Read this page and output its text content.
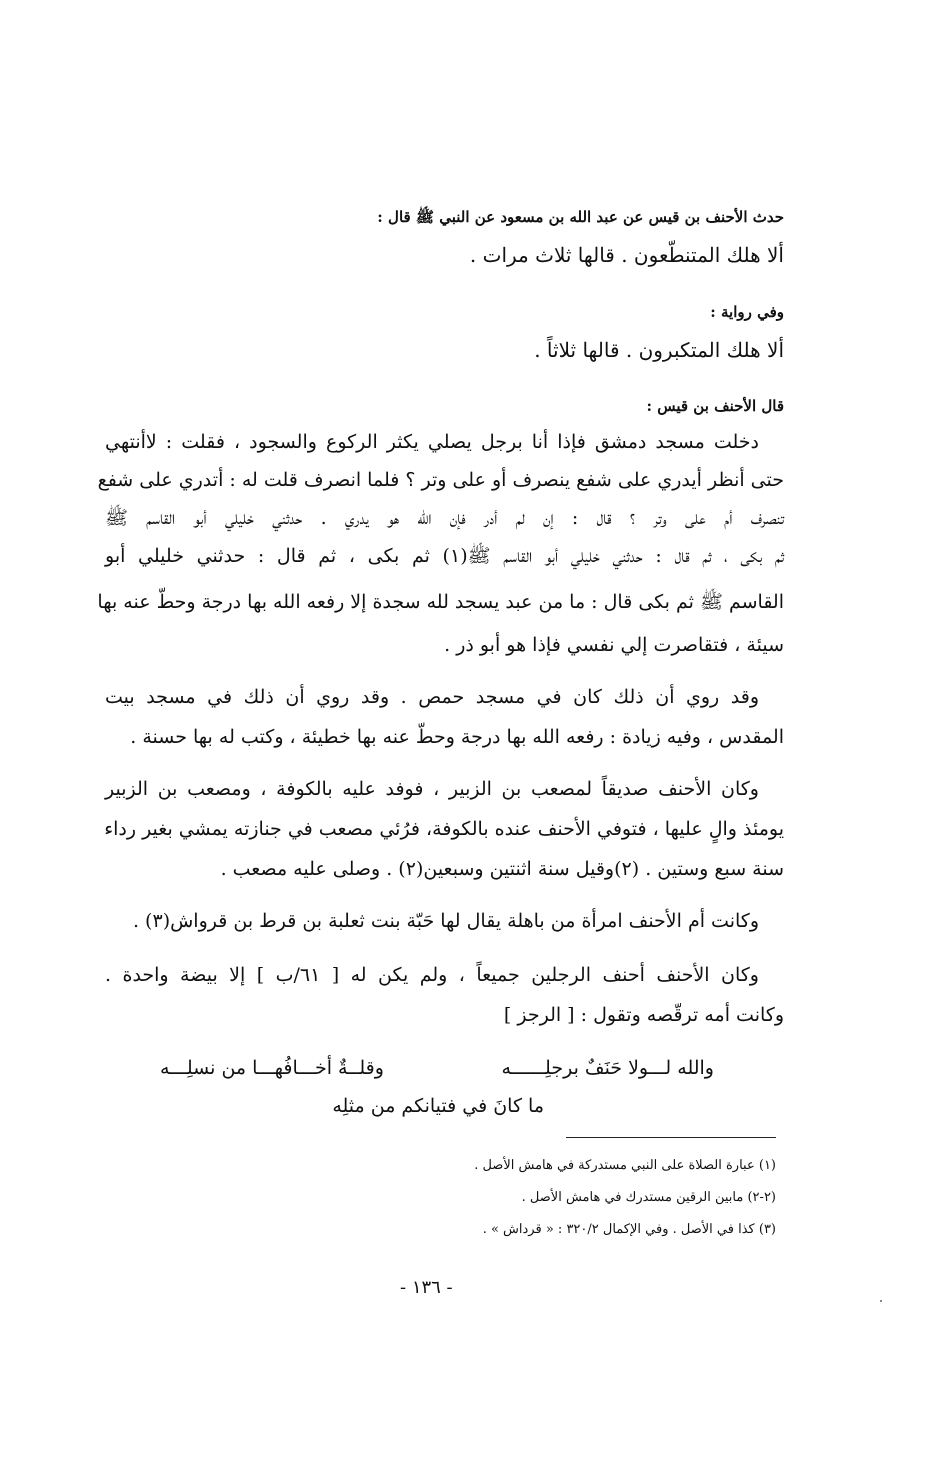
حدث الأحنف بن قيس عن عبد الله بن مسعود عن النبي ﷺ قال :
ألا هلك المتنطّعون . قالها ثلاث مرات .
وفي رواية :
ألا هلك المتكبرون . قالها ثلاثاً .
قال الأحنف بن قيس :
دخلت مسجد دمشق فإذا أنا برجل يصلي يكثر الركوع والسجود ، فقلت : لاأنتهي
حتى أنظر أيدري على شفع ينصرف أو على وتر ؟ فلما انصرف قلت له : أتدري على شفع
تنصرف أم على وتر ؟ قال : إن لم أدر فإن الله هو يدري . حدثني خليلي أبو القاسم ﷺ
ثم بكى ، ثم قال : حدثني خليلي أبو القاسم ﷺ(١) ثم بكى ، ثم قال : حدثني خليلي أبو
القاسم ﷺ ثم بكى قال : ما من عبد يسجد لله سجدة إلا رفعه الله بها درجة وحطّ عنه بها
سيئة ، فتقاصرت إلي نفسي فإذا هو أبو ذر .
وقد روي أن ذلك كان في مسجد حمص . وقد روي أن ذلك في مسجد بيت
المقدس ، وفيه زيادة : رفعه الله بها درجة وحطّ عنه بها خطيئة ، وكتب له بها حسنة .
وكان الأحنف صديقاً لمصعب بن الزبير ، فوفد عليه بالكوفة ، ومصعب بن الزبير
يومئذ والٍ عليها ، فتوفي الأحنف عنده بالكوفة، فرُئي مصعب في جنازته يمشي بغير رداء
سنة سبع وستين . (٢)وقيل سنة اثنتين وسبعين(٢) . وصلى عليه مصعب .
وكانت أم الأحنف امرأة من باهلة يقال لها حَبّة بنت ثعلبة بن قرط بن قرواش(٣) .
وكان الأحنف أحنف الرجلين جميعاً ، ولم يكن له [ ٦١/ب ] إلا بيضة واحدة .
وكانت أمه ترقّصه وتقول : [ الرجز ]
والله لـــولا حَنَفٌ برجلِــــــه
وقلــةٌ أخـــافُهـــا من نسلِـــه
ما كانَ في فتيانكم من مثلِه
(١) عبارة الصلاة على النبي مستدركة في هامش الأصل .
(٢-٢) مابين الرقين مستدرك في هامش الأصل .
(٣) كذا في الأصل . وفي الإكمال ٣٢٠/٢ : « قرداش » .
- ١٣٦ -
